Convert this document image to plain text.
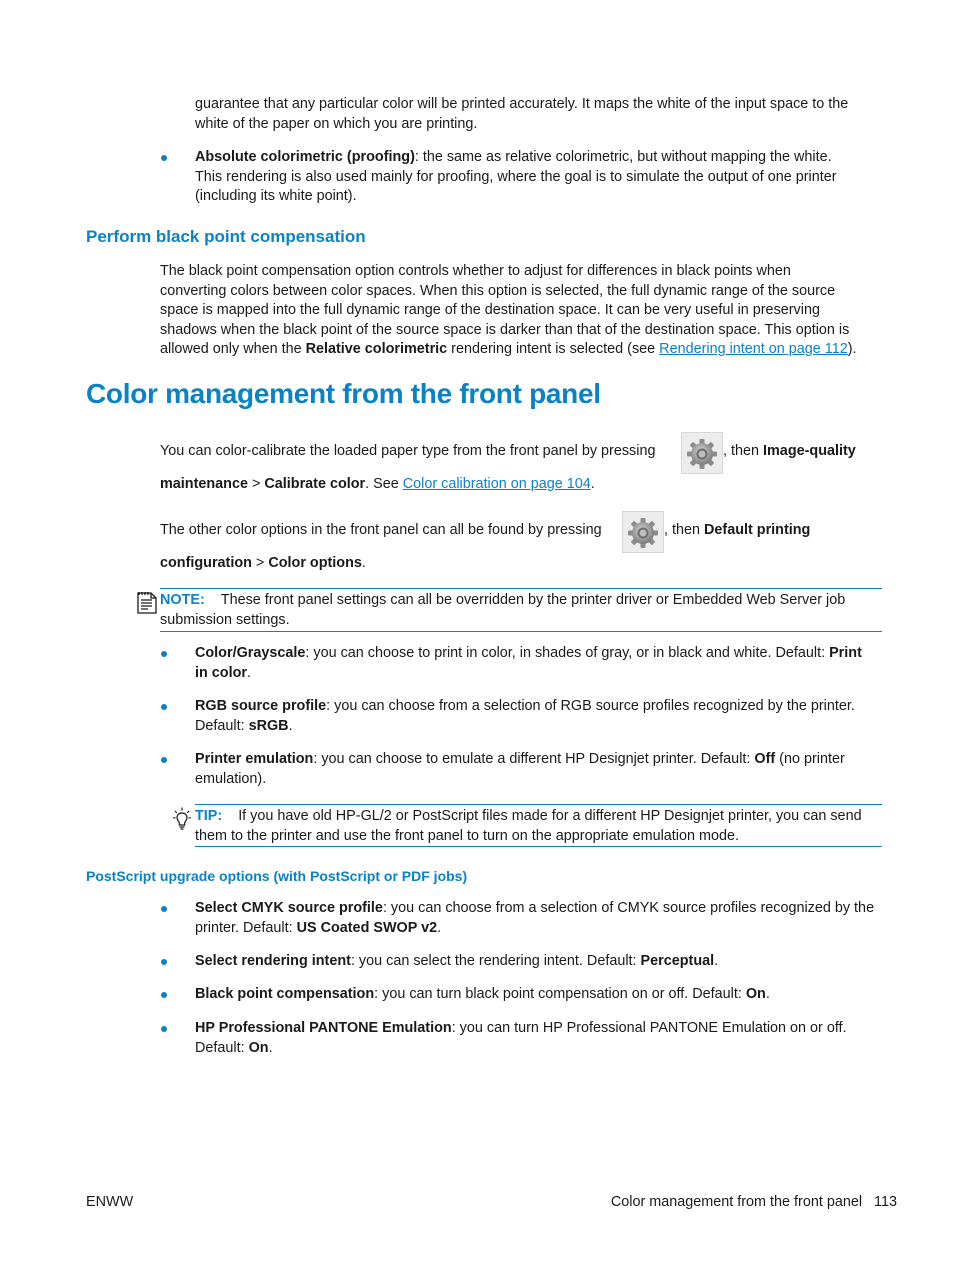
guarantee that any particular color will be printed accurately. It maps the white of the input space to the
white of the paper on which you are printing.
Absolute colorimetric (proofing): the same as relative colorimetric, but without mapping the white.
This rendering is also used mainly for proofing, where the goal is to simulate the output of one printer
(including its white point).
Perform black point compensation
The black point compensation option controls whether to adjust for differences in black points when
converting colors between color spaces. When this option is selected, the full dynamic range of the source
space is mapped into the full dynamic range of the destination space. It can be very useful in preserving
shadows when the black point of the source space is darker than that of the destination space. This option is
allowed only when the Relative colorimetric rendering intent is selected (see Rendering intent on page 112).
Color management from the front panel
You can color-calibrate the loaded paper type from the front panel by pressing	, then Image-quality
maintenance > Calibrate color. See Color calibration on page 104.
The other color options in the front panel can all be found by pressing	, then Default printing
configuration > Color options.
NOTE: These front panel settings can all be overridden by the printer driver or Embedded Web Server job
submission settings.
Color/Grayscale: you can choose to print in color, in shades of gray, or in black and white. Default: Print
in color.
RGB source profile: you can choose from a selection of RGB source profiles recognized by the printer.
Default: sRGB.
Printer emulation: you can choose to emulate a different HP Designjet printer. Default: Off (no printer
emulation).
TIP: If you have old HP-GL/2 or PostScript files made for a different HP Designjet printer, you can send
them to the printer and use the front panel to turn on the appropriate emulation mode.
PostScript upgrade options (with PostScript or PDF jobs)
Select CMYK source profile: you can choose from a selection of CMYK source profiles recognized by the
printer. Default: US Coated SWOP v2.
Select rendering intent: you can select the rendering intent. Default: Perceptual.
Black point compensation: you can turn black point compensation on or off. Default: On.
HP Professional PANTONE Emulation: you can turn HP Professional PANTONE Emulation on or off.
Default: On.
ENWW	Color management from the front panel 113
